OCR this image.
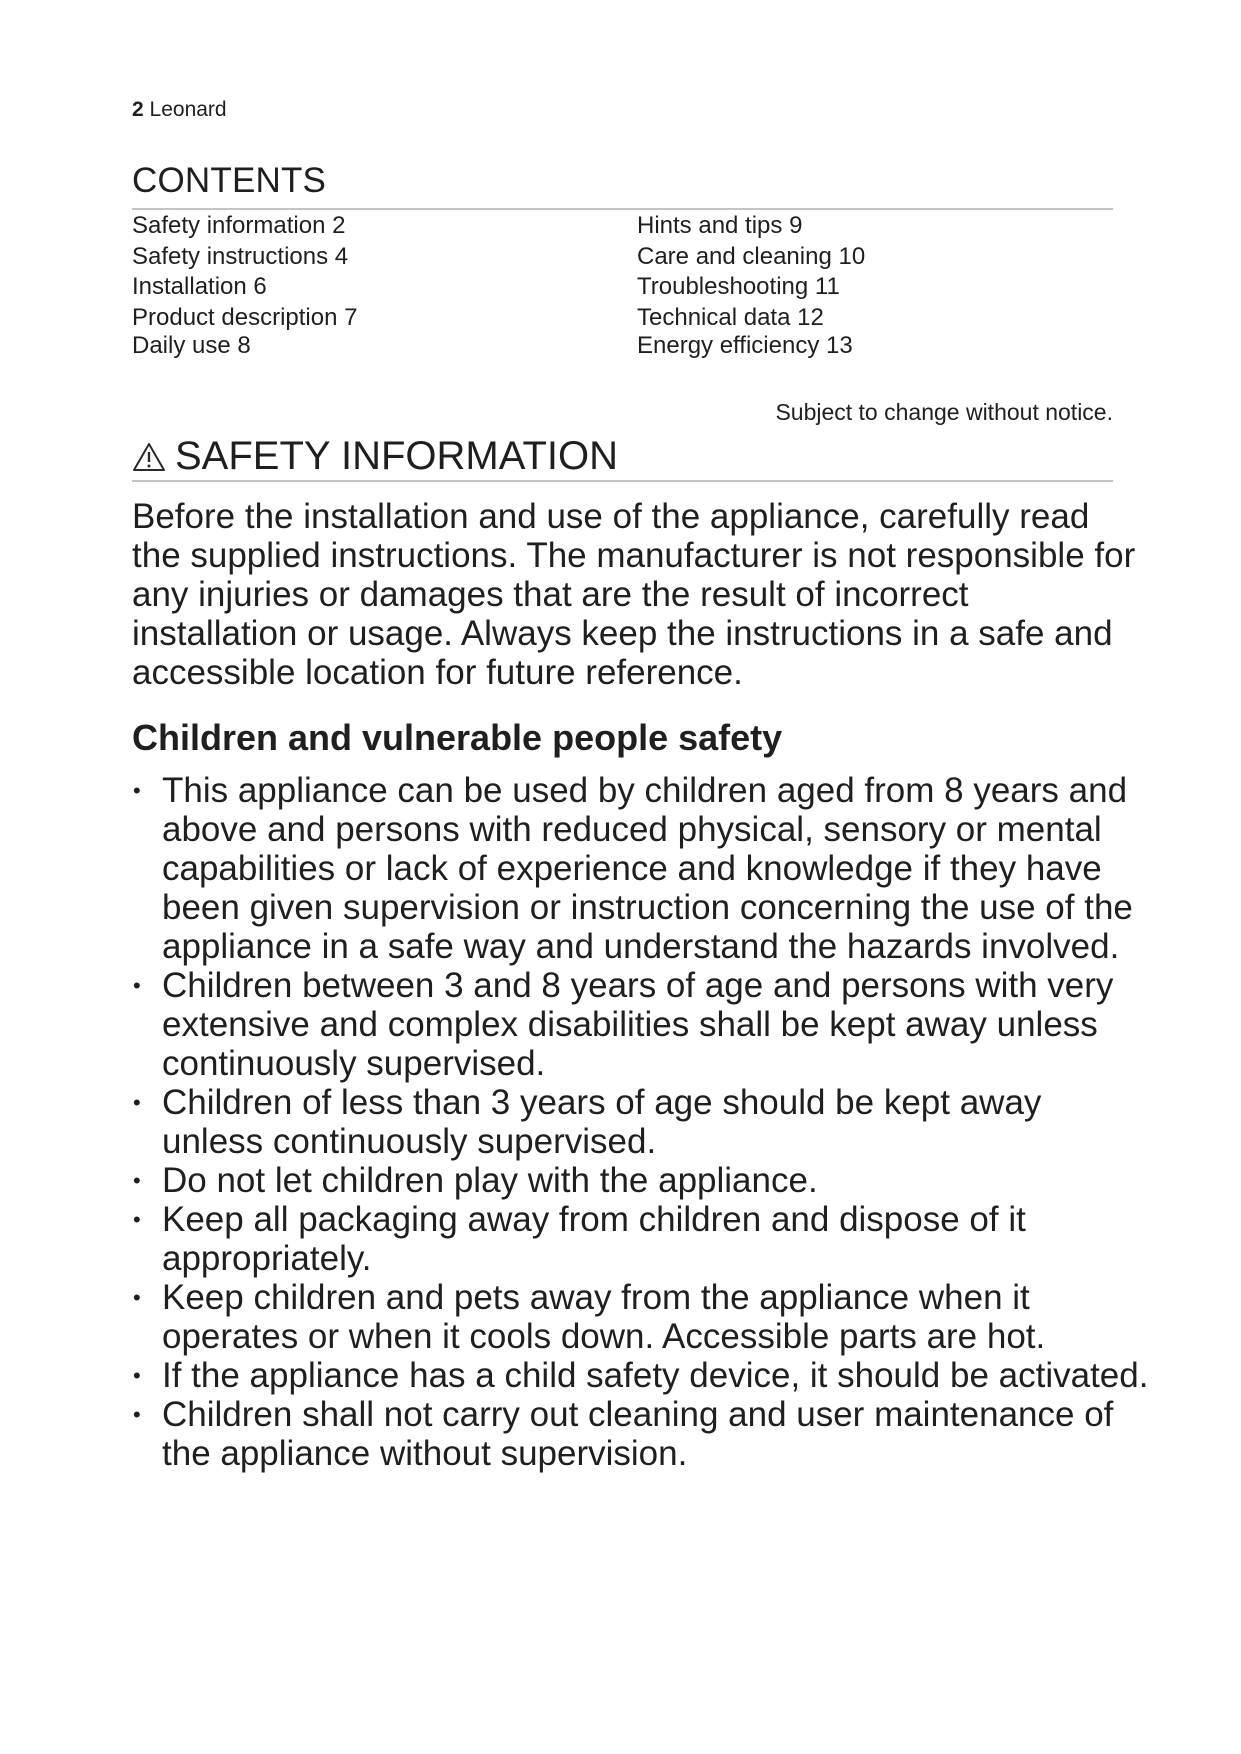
2 Leonard
CONTENTS
Safety information 2
Safety instructions 4
Installation 6
Product description 7
Daily use 8
Hints and tips 9
Care and cleaning 10
Troubleshooting 11
Technical data 12
Energy efficiency 13
Subject to change without notice.
SAFETY INFORMATION

Before the installation and use of the appliance, carefully read the supplied instructions. The manufacturer is not responsible for any injuries or damages that are the result of incorrect installation or usage. Always keep the instructions in a safe and accessible location for future reference.

Children and vulnerable people safety
• This appliance can be used by children aged from 8 years and above and persons with reduced physical, sensory or mental capabilities or lack of experience and knowledge if they have been given supervision or instruction concerning the use of the appliance in a safe way and understand the hazards involved.
• Children between 3 and 8 years of age and persons with very extensive and complex disabilities shall be kept away unless continuously supervised.
• Children of less than 3 years of age should be kept away unless continuously supervised.
• Do not let children play with the appliance.
• Keep all packaging away from children and dispose of it appropriately.
• Keep children and pets away from the appliance when it operates or when it cools down. Accessible parts are hot.
• If the appliance has a child safety device, it should be activated.
• Children shall not carry out cleaning and user maintenance of the appliance without supervision.
